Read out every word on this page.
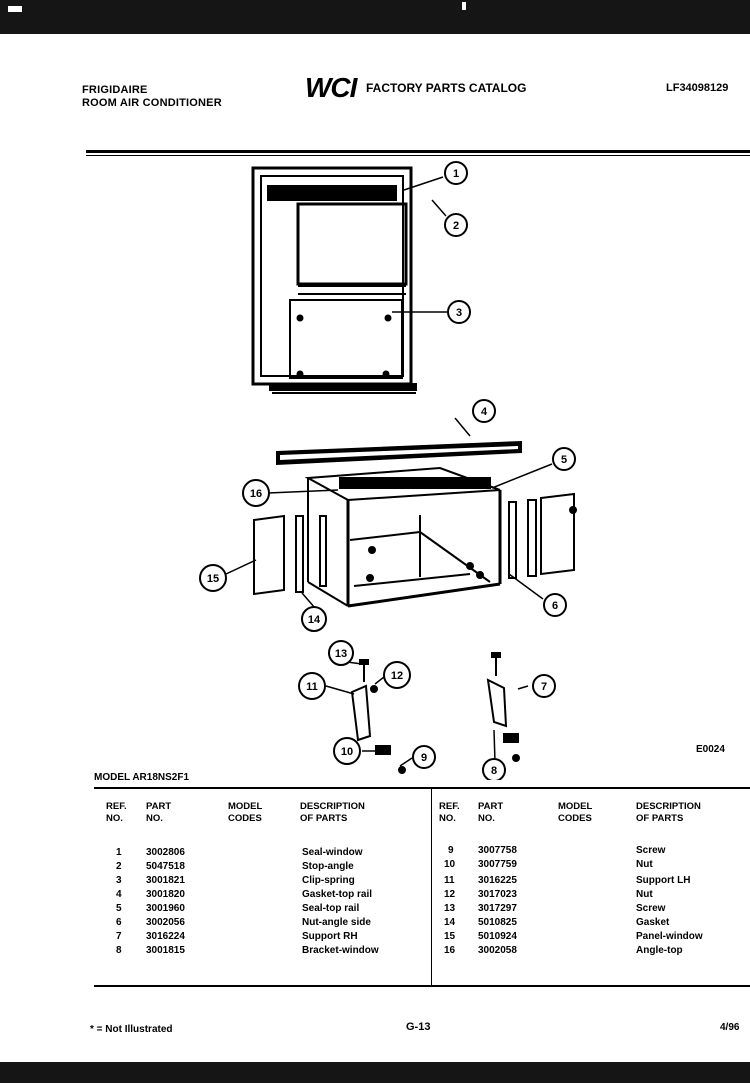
FRIGIDAIRE
ROOM AIR CONDITIONER	WCI FACTORY PARTS CATALOG	LF34098129
1
2
3
4
5
6
7
8
9
10
11
12
13
14
15
16
E0024
MODEL AR18NS2F1
REF.
NO.
PART
NO.
MODEL
CODES
DESCRIPTION
OF PARTS
REF.
NO.
PART
NO.
MODEL
CODES
DESCRIPTION
OF PARTS
1 3002806	Seal-window
2 5047518	Stop-angle
3 3001821	Clip-spring
4 3001820	Gasket-top rail
5 3001960	Seal-top rail
6 3002056	Nut-angle side
7 3016224	Support RH
8 3001815	Bracket-window
9 3007758	Screw
10 3007759	Nut
11 3016225	Support LH
12 3017023	Nut
13 3017297	Screw
14 5010825	Gasket
15 5010924	Panel-window
16 3002058	Angle-top
* = Not Illustrated	G-13	4/96
